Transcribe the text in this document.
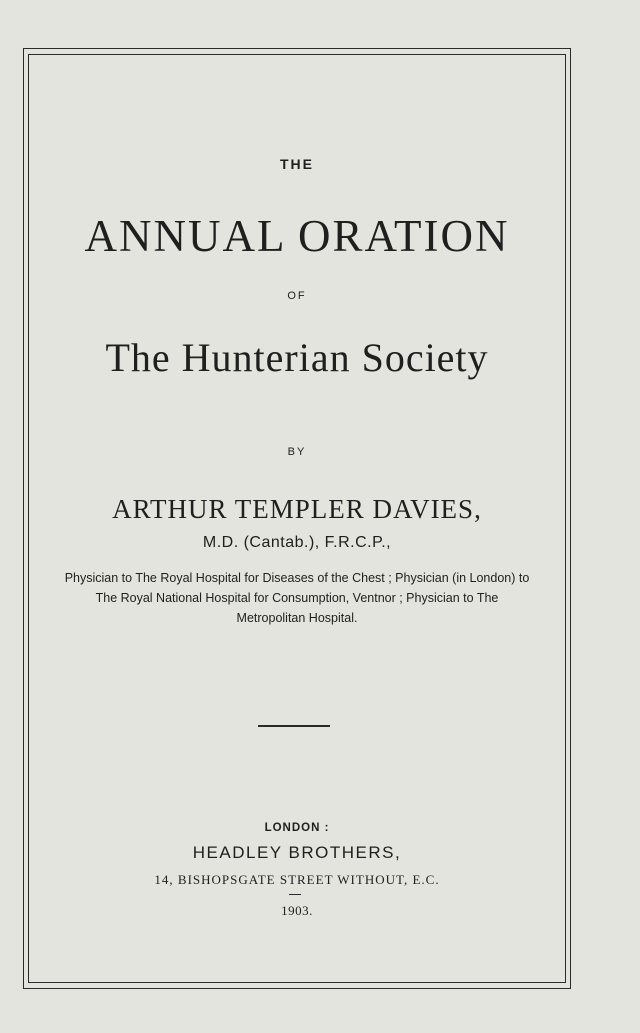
THE
ANNUAL ORATION
OF
The Hunterian Society
BY
ARTHUR TEMPLER DAVIES,
M.D. (Cantab.), F.R.C.P.,
Physician to The Royal Hospital for Diseases of the Chest ; Physician (in London) to The Royal National Hospital for Consumption, Ventnor ; Physician to The Metropolitan Hospital.
LONDON :
HEADLEY BROTHERS,
14, BISHOPSGATE STREET WITHOUT, E.C.
1903.
